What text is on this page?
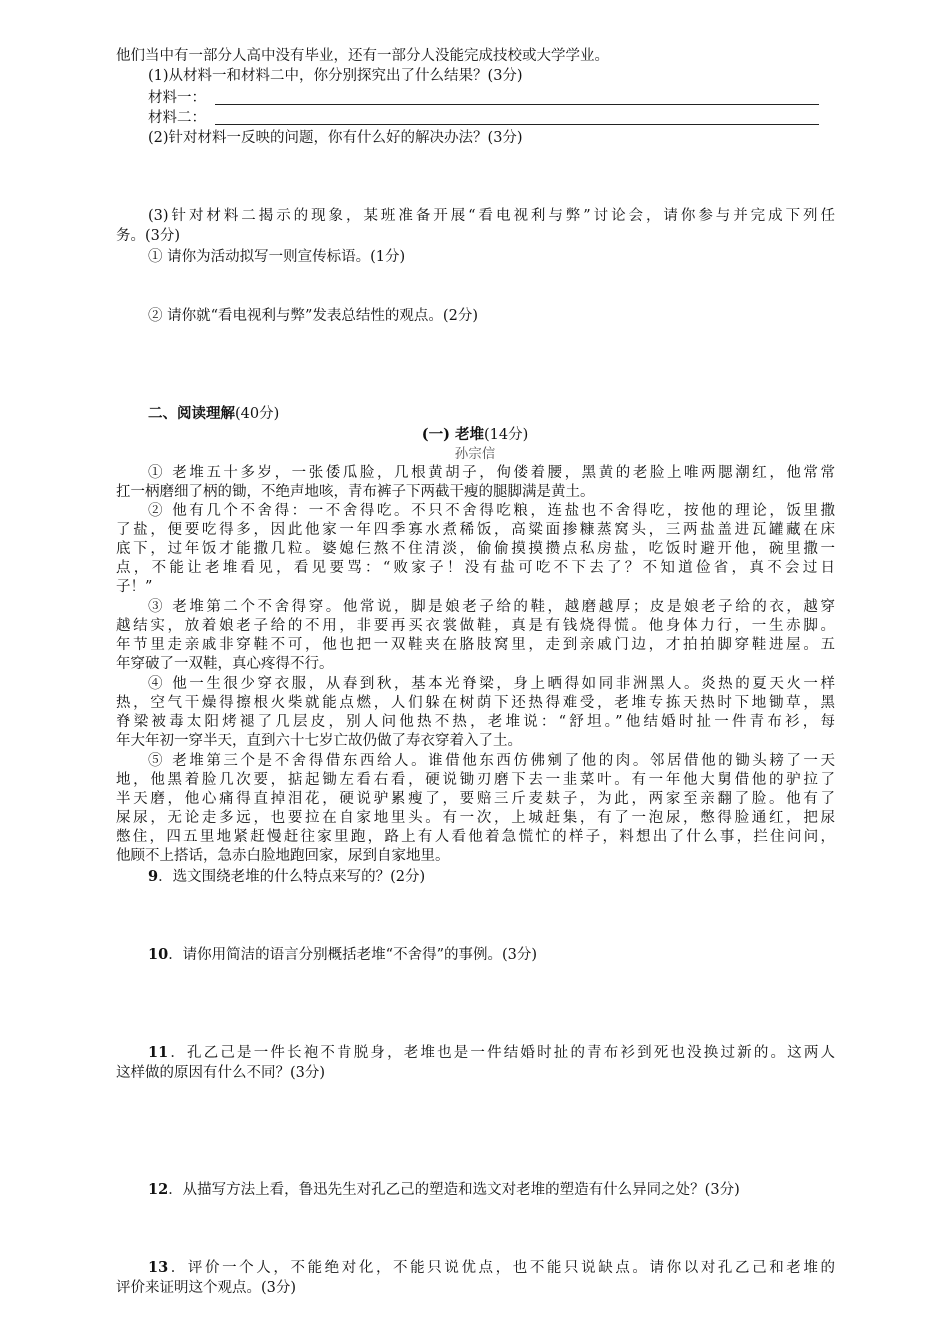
他们当中有一部分人高中没有毕业，还有一部分人没能完成技校或大学学业。
(1)从材料一和材料二中，你分别探究出了什么结果？(3分)
材料一：
材料二：
(2)针对材料一反映的问题，你有什么好的解决办法？(3分)
(3)针对材料二揭示的现象，某班准备开展“看电视利与弊”讨论会，请你参与并完成下列任
务。(3分)
① 请你为活动拟写一则宣传标语。(1分)
② 请你就“看电视利与弊”发表总结性的观点。(2分)
二、阅读理解(40分)
(一) 老堆(14分)
孙宗信
① 老堆五十多岁，一张倭瓜脸，几根黄胡子，佝偻着腰，黑黄的老脸上唯两腮潮红，他常常
扛一柄磨细了柄的锄，不绝声地咳，青布裤子下两截干瘦的腿脚满是黄土。
② 他有几个不舍得：一不舍得吃。不只不舍得吃粮，连盐也不舍得吃，按他的理论，饭里撒
了盐，便要吃得多，因此他家一年四季寡水煮稀饭，高粱面掺糠蒸窝头，三两盐盖进瓦罐藏在床
底下，过年饭才能撒几粒。婆媳仨熬不住清淡，偷偷摸摸攒点私房盐，吃饭时避开他，碗里撒一
点，不能让老堆看见，看见要骂：“败家子！没有盐可吃不下去了？不知道俭省，真不会过日
子！”
③ 老堆第二个不舍得穿。他常说，脚是娘老子给的鞋，越磨越厚；皮是娘老子给的衣，越穿
越结实，放着娘老子给的不用，非要再买衣裳做鞋，真是有钱烧得慌。他身体力行，一生赤脚。
年节里走亲戚非穿鞋不可，他也把一双鞋夹在胳肢窝里，走到亲戚门边，才拍拍脚穿鞋进屋。五
年穿破了一双鞋，真心疼得不行。
④ 他一生很少穿衣服，从春到秋，基本光脊梁，身上晒得如同非洲黑人。炎热的夏天火一样
热，空气干燥得擦根火柴就能点燃，人们躲在树荫下还热得难受，老堆专拣天热时下地锄草，黑
脊梁被毒太阳烤褪了几层皮，别人问他热不热，老堆说：“舒坦。”他结婚时扯一件青布衫，每
年大年初一穿半天，直到六十七岁亡故仍做了寿衣穿着入了土。
⑤ 老堆第三个是不舍得借东西给人。谁借他东西仿佛剜了他的肉。邻居借他的锄头耪了一天
地，他黑着脸几次要，掂起锄左看右看，硬说锄刃磨下去一韭菜叶。有一年他大舅借他的驴拉了
半天磨，他心痛得直掉泪花，硬说驴累瘦了，要赔三斤麦麸子，为此，两家至亲翻了脸。他有了
屎尿，无论走多远，也要拉在自家地里头。有一次，上城赶集，有了一泡尿，憋得脸通红，把尿
憋住，四五里地紧赶慢赶往家里跑，路上有人看他着急慌忙的样子，料想出了什么事，拦住问问，
他顾不上搭话，急赤白脸地跑回家，尿到自家地里。
9．选文围绕老堆的什么特点来写的？(2分)
10．请你用简洁的语言分别概括老堆“不舍得”的事例。(3分)
11．孔乙己是一件长袍不肯脱身，老堆也是一件结婚时扯的青布衫到死也没换过新的。这两人
这样做的原因有什么不同？(3分)
12．从描写方法上看，鲁迅先生对孔乙己的塑造和选文对老堆的塑造有什么异同之处？(3分)
13．评价一个人，不能绝对化，不能只说优点，也不能只说缺点。请你以对孔乙己和老堆的
评价来证明这个观点。(3分)
